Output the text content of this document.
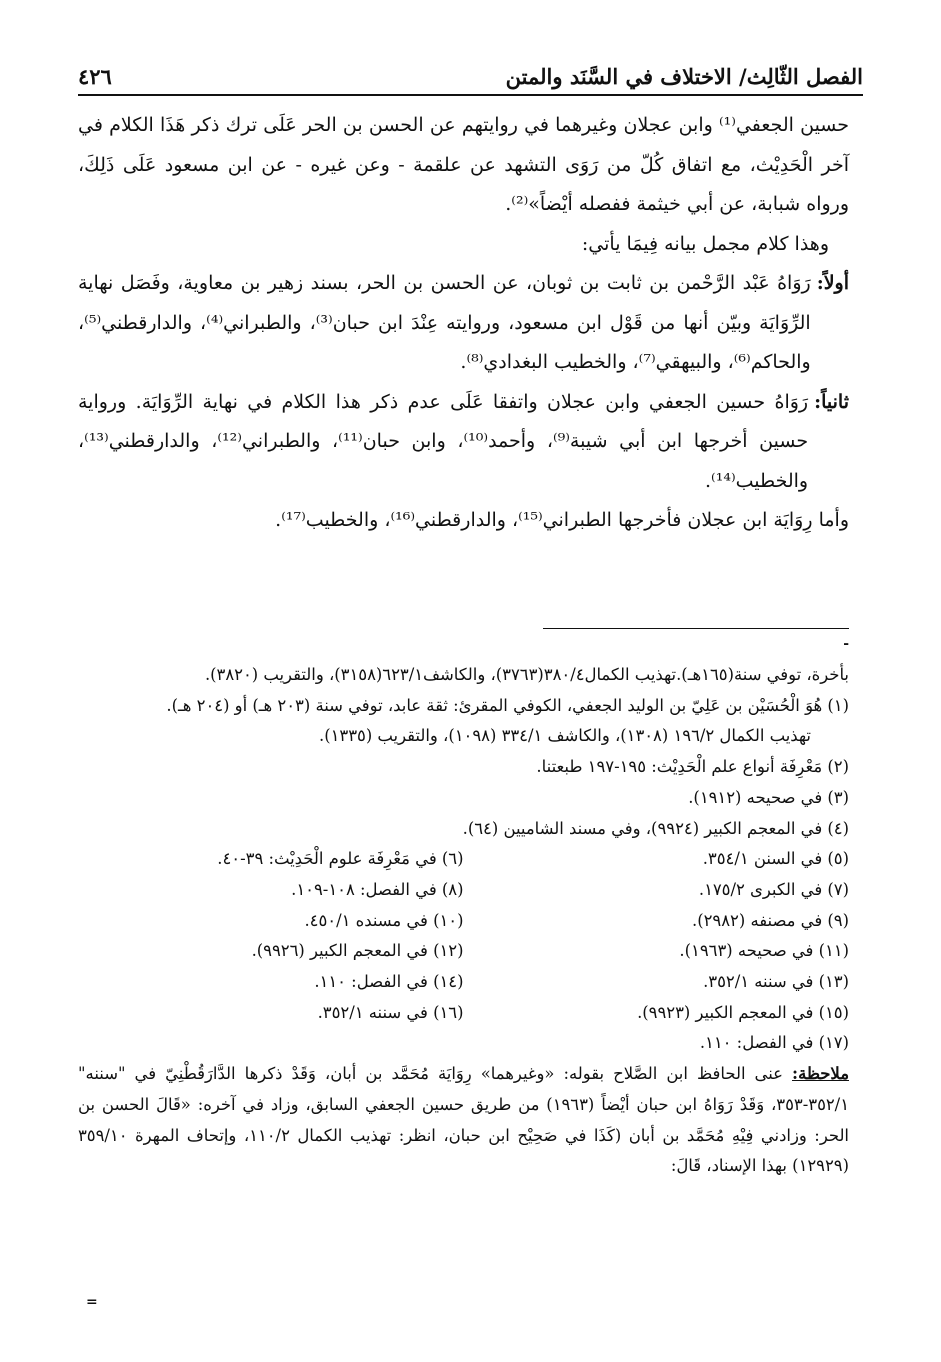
٤٢٦	الفصل الثّالِث/ الاختلاف في السَّنَد والمتن

حسين الجعفي⁽¹⁾ وابن عجلان وغيرهما في روايتهم عن الحسن بن الحر عَلَى ترك ذكر هَذَا الكلام في آخر الْحَدِيْث، مع اتفاق كُلّ من رَوَى التشهد عن علقمة - وعن غيره - عن ابن مسعود عَلَى ذَلِكَ، ورواه شبابة، عن أبي خيثمة ففصله أيْضاً»⁽²⁾.

وهذا كلام مجمل بيانه فِيمَا يأتي:

أولاً:
رَوَاهُ عَبْد الرَّحْمن بن ثابت بن ثوبان، عن الحسن بن الحر، بسند زهير بن معاوية، وفَصَل نهاية الرِّوَايَة وبيّن أنها من قَوْل ابن مسعود، وروايته عِنْدَ ابن حبان⁽³⁾، والطبراني⁽⁴⁾، والدارقطني⁽⁵⁾، والحاكم⁽⁶⁾، والبيهقي⁽⁷⁾، والخطيب البغدادي⁽⁸⁾.
ثانياً:
رَوَاهُ حسين الجعفي وابن عجلان واتفقا عَلَى عدم ذكر هذا الكلام في نهاية الرِّوَايَة. ورواية حسين أخرجها ابن أبي شيبة⁽⁹⁾، وأحمد⁽¹⁰⁾، وابن حبان⁽¹¹⁾، والطبراني⁽¹²⁾، والدارقطني⁽¹³⁾، والخطيب⁽¹⁴⁾.

وأما رِوَايَة ابن عجلان فأخرجها الطبراني⁽¹⁵⁾، والدارقطني⁽¹⁶⁾، والخطيب⁽¹⁷⁾.

-

بأخرة، توفي سنة(١٦٥هـ).تهذيب الكمال٣٨٠/٤(٣٧٦٣)، والكاشف٦٢٣/١(٣١٥٨)، والتقريب (٣٨٢٠).

(١) هُوَ الْحُسَيْن بن عَلِيّ بن الوليد الجعفي، الكوفي المقرئ: ثقة عابد، توفي سنة (٢٠٣ هـ) أو (٢٠٤ هـ).

تهذيب الكمال ١٩٦/٢ (١٣٠٨)، والكاشف ٣٣٤/١ (١٠٩٨)، والتقريب (١٣٣٥).

(٢) مَعْرِفَة أنواع علم الْحَدِيْث: ١٩٥-١٩٧ طبعتنا.

(٣) في صحيحه (١٩١٢).

(٤) في المعجم الكبير (٩٩٢٤)، وفي مسند الشاميين (٦٤).

(٥) في السنن ٣٥٤/١.
(٦) في مَعْرِفَة علوم الْحَدِيْث: ٣٩-٤٠.
(٧) في الكبرى ١٧٥/٢.
(٨) في الفصل: ١٠٨-١٠٩.
(٩) في مصنفه (٢٩٨٢).
(١٠) في مسنده ٤٥٠/١.
(١١) في صحيحه (١٩٦٣).
(١٢) في المعجم الكبير (٩٩٢٦).
(١٣) في سننه ٣٥٢/١.
(١٤) في الفصل: ١١٠.
(١٥) في المعجم الكبير (٩٩٢٣).
(١٦) في سننه ٣٥٢/١.

(١٧) في الفصل: ١١٠.

ملاحظة: عنى الحافظ ابن الصَّلاح بقوله: «وغيرهما» رِوَايَة مُحَمَّد بن أبان، وَقَدْ ذكرها الدَّارَقُطْنِيّ في "سننه" ٣٥٢/١-٣٥٣، وَقَدْ رَوَاهُ ابن حبان أيْضاً (١٩٦٣) من طريق حسين الجعفي السابق، وزاد في آخره: «قَالَ الحسن بن الحر: وزادني فِيْهِ مُحَمَّد بن أبان (كَذَا في صَحِيْح ابن حبان، انظر: تهذيب الكمال ١١٠/٢، وإتحاف المهرة ٣٥٩/١٠ (١٢٩٢٩) بهذا الإسناد، قَالَ:

=
